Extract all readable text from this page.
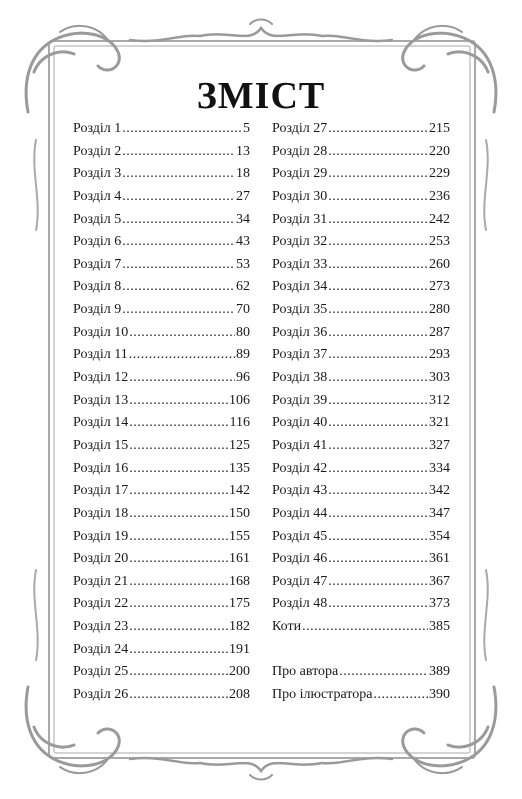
ЗМІСТ
Розділ 1 .....	5
Розділ 2 .....	13
Розділ 3 .....	18
Розділ 4 .....	27
Розділ 5 .....	34
Розділ 6 .....	43
Розділ 7 .....	53
Розділ 8 .....	62
Розділ 9 .....	70
Розділ 10 .....	80
Розділ 11 .....	89
Розділ 12 .....	96
Розділ 13 .....	106
Розділ 14 .....	116
Розділ 15 .....	125
Розділ 16 .....	135
Розділ 17 .....	142
Розділ 18 .....	150
Розділ 19 .....	155
Розділ 20 .....	161
Розділ 21 .....	168
Розділ 22 .....	175
Розділ 23 .....	182
Розділ 24 .....	191
Розділ 25 .....	200
Розділ 26 .....	208
Розділ 27 .....	215
Розділ 28 .....	220
Розділ 29 .....	229
Розділ 30 .....	236
Розділ 31 .....	242
Розділ 32 .....	253
Розділ 33 .....	260
Розділ 34 .....	273
Розділ 35 .....	280
Розділ 36 .....	287
Розділ 37 .....	293
Розділ 38 .....	303
Розділ 39 .....	312
Розділ 40 .....	321
Розділ 41 .....	327
Розділ 42 .....	334
Розділ 43 .....	342
Розділ 44 .....	347
Розділ 45 .....	354
Розділ 46 .....	361
Розділ 47 .....	367
Розділ 48 .....	373
Коти .....	385
Про автора .....	389
Про ілюстратора .....	390
